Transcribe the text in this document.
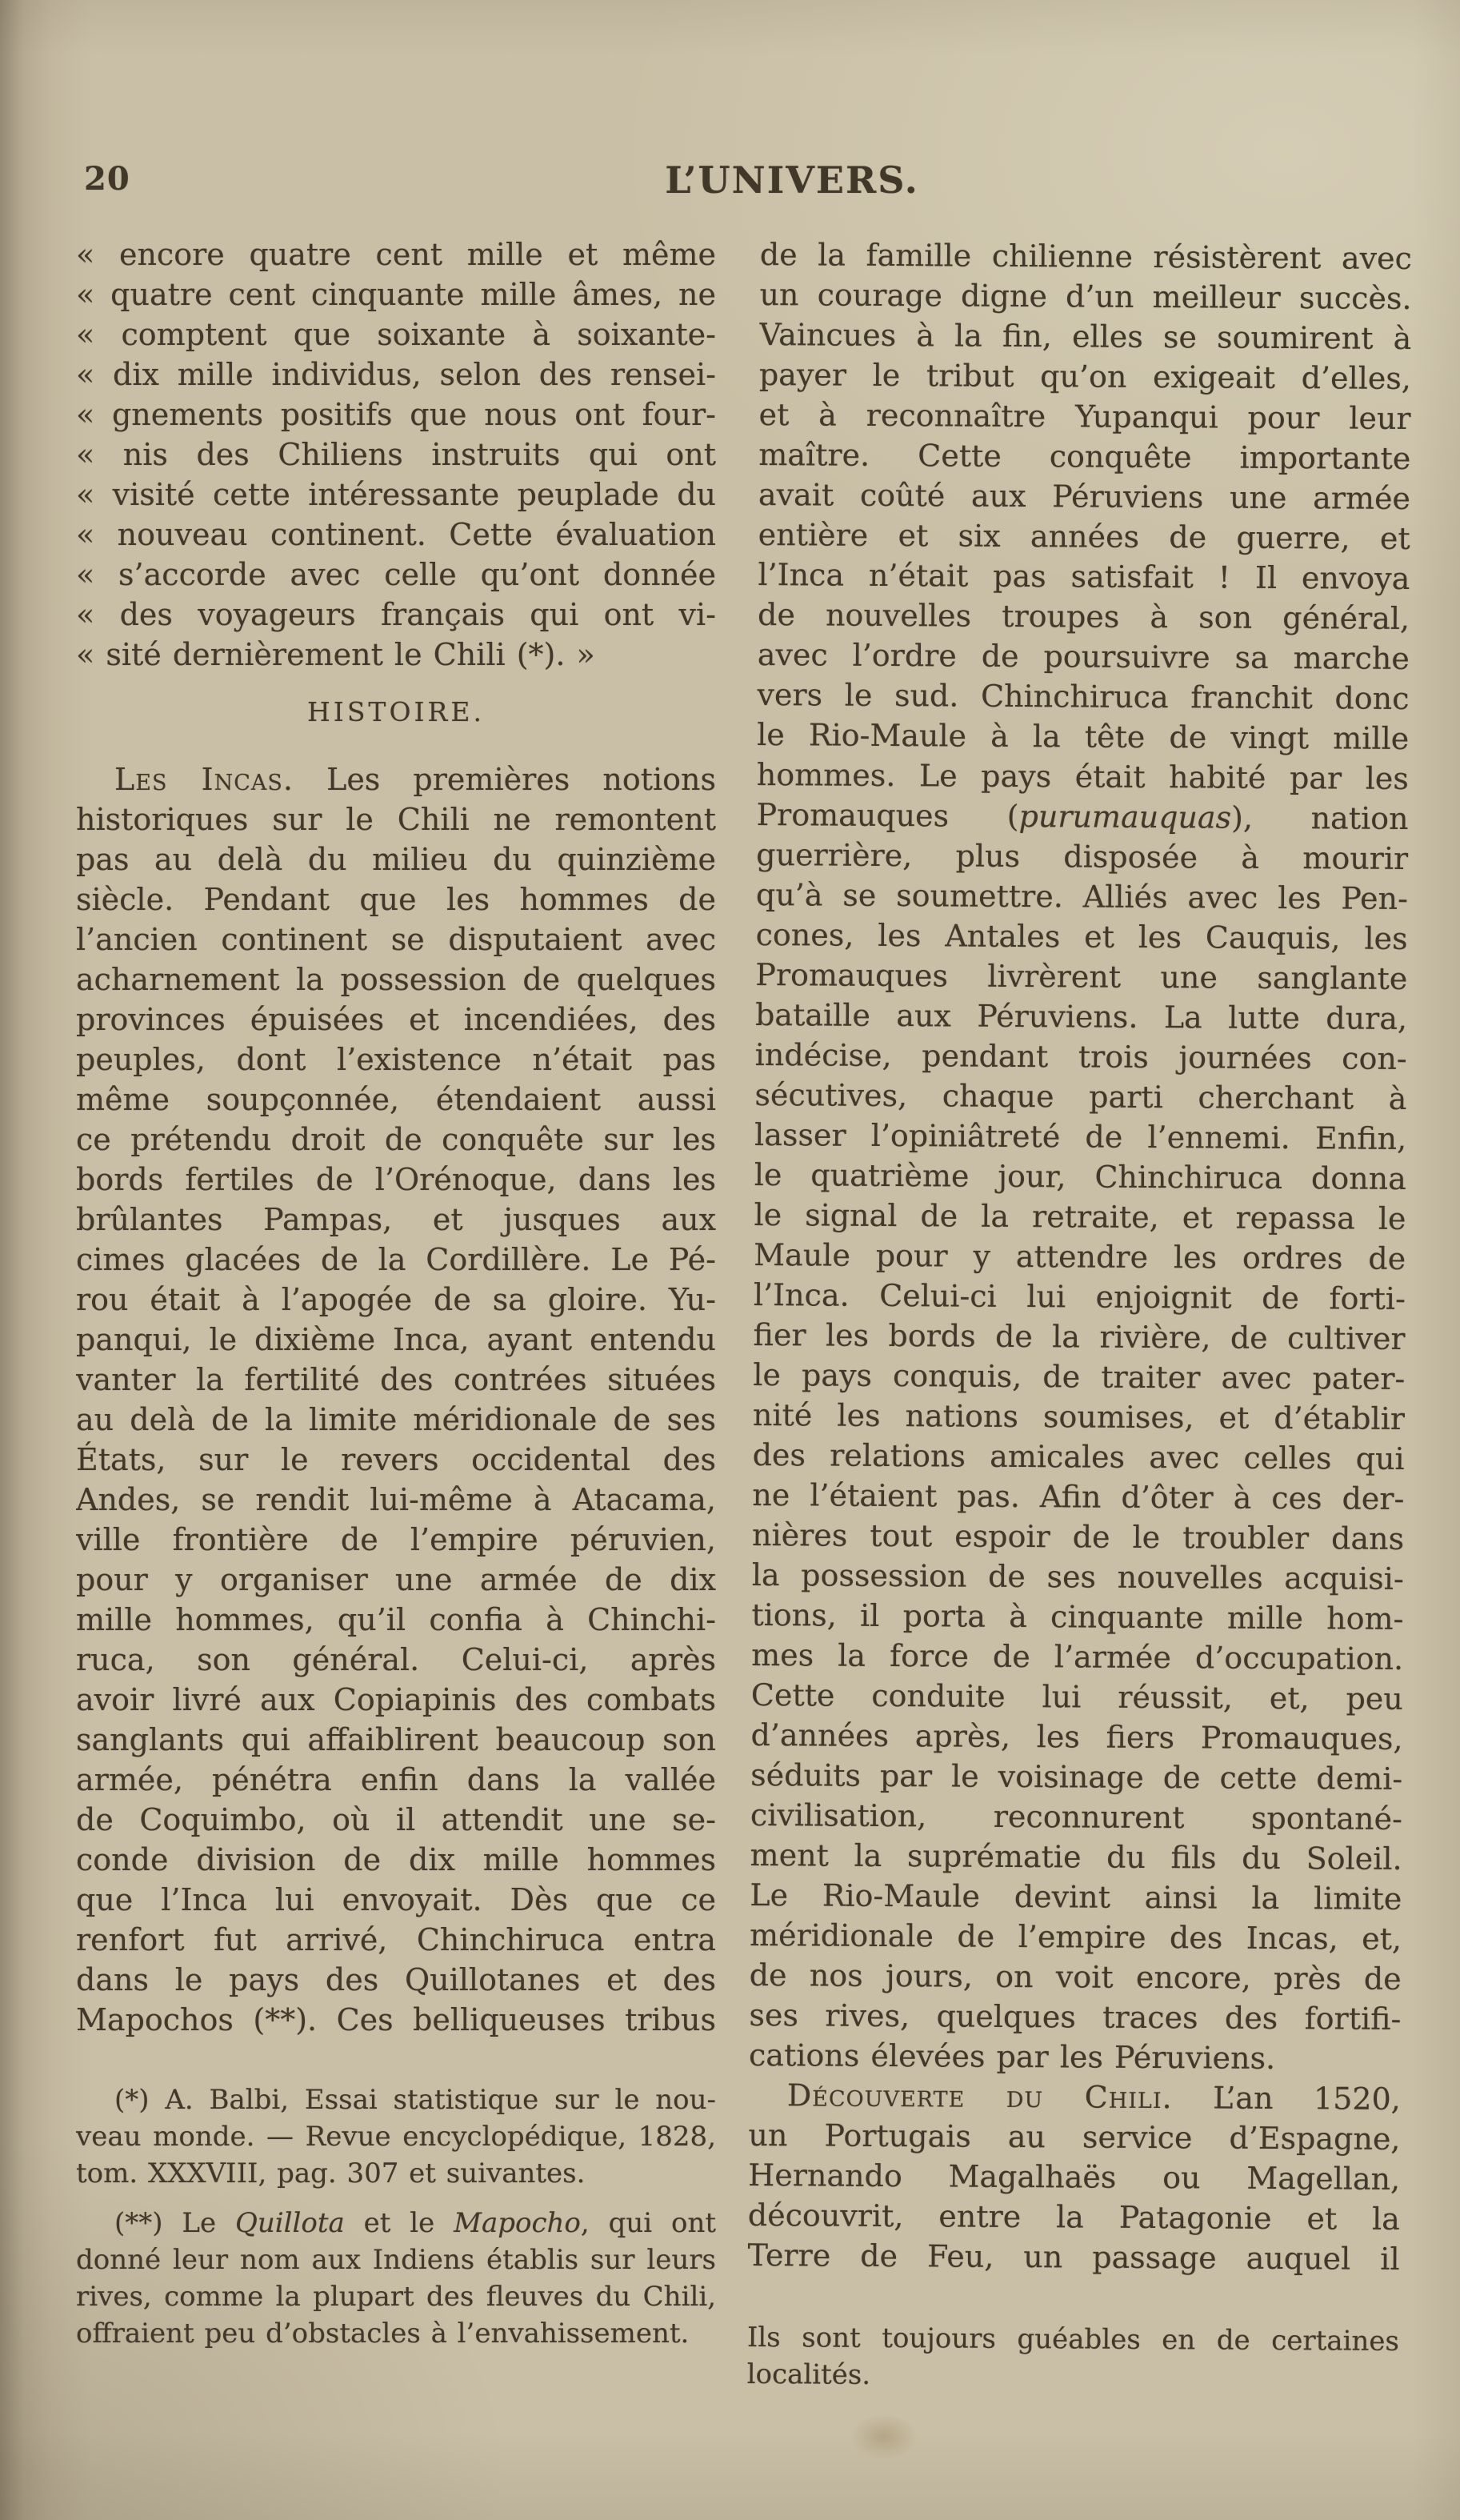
20	L’UNIVERS.
« encore quatre cent mille et même
« quatre cent cinquante mille âmes, ne
« comptent que soixante à soixante-
« dix mille individus, selon des rensei-
« gnements positifs que nous ont four-
« nis des Chiliens instruits qui ont
« visité cette intéressante peuplade du
« nouveau continent. Cette évaluation
« s’accorde avec celle qu’ont donnée
« des voyageurs français qui ont vi-
« sité dernièrement le Chili (*). »
HISTOIRE.
Les Incas. Les premières notions
historiques sur le Chili ne remontent
pas au delà du milieu du quinzième
siècle. Pendant que les hommes de
l’ancien continent se disputaient avec
acharnement la possession de quelques
provinces épuisées et incendiées, des
peuples, dont l’existence n’était pas
même soupçonnée, étendaient aussi
ce prétendu droit de conquête sur les
bords fertiles de l’Orénoque, dans les
brûlantes Pampas, et jusques aux
cimes glacées de la Cordillère. Le Pé-
rou était à l’apogée de sa gloire. Yu-
panqui, le dixième Inca, ayant entendu
vanter la fertilité des contrées situées
au delà de la limite méridionale de ses
États, sur le revers occidental des
Andes, se rendit lui-même à Atacama,
ville frontière de l’empire péruvien,
pour y organiser une armée de dix
mille hommes, qu’il confia à Chinchi-
ruca, son général. Celui-ci, après
avoir livré aux Copiapinis des combats
sanglants qui affaiblirent beaucoup son
armée, pénétra enfin dans la vallée
de Coquimbo, où il attendit une se-
conde division de dix mille hommes
que l’Inca lui envoyait. Dès que ce
renfort fut arrivé, Chinchiruca entra
dans le pays des Quillotanes et des
Mapochos (**). Ces belliqueuses tribus
(*) A. Balbi, Essai statistique sur le nou-
veau monde. — Revue encyclopédique, 1828,
tom. XXXVIII, pag. 307 et suivantes.
(**) Le Quillota et le Mapocho, qui ont
donné leur nom aux Indiens établis sur leurs
rives, comme la plupart des fleuves du Chili,
offraient peu d’obstacles à l’envahissement.
de la famille chilienne résistèrent avec
un courage digne d’un meilleur succès.
Vaincues à la fin, elles se soumirent à
payer le tribut qu’on exigeait d’elles,
et à reconnaître Yupanqui pour leur
maître. Cette conquête importante
avait coûté aux Péruviens une armée
entière et six années de guerre, et
l’Inca n’était pas satisfait ! Il envoya
de nouvelles troupes à son général,
avec l’ordre de poursuivre sa marche
vers le sud. Chinchiruca franchit donc
le Rio-Maule à la tête de vingt mille
hommes. Le pays était habité par les
Promauques (purumauquas), nation
guerrière, plus disposée à mourir
qu’à se soumettre. Alliés avec les Pen-
cones, les Antales et les Cauquis, les
Promauques livrèrent une sanglante
bataille aux Péruviens. La lutte dura,
indécise, pendant trois journées con-
sécutives, chaque parti cherchant à
lasser l’opiniâtreté de l’ennemi. Enfin,
le quatrième jour, Chinchiruca donna
le signal de la retraite, et repassa le
Maule pour y attendre les ordres de
l’Inca. Celui-ci lui enjoignit de forti-
fier les bords de la rivière, de cultiver
le pays conquis, de traiter avec pater-
nité les nations soumises, et d’établir
des relations amicales avec celles qui
ne l’étaient pas. Afin d’ôter à ces der-
nières tout espoir de le troubler dans
la possession de ses nouvelles acquisi-
tions, il porta à cinquante mille hom-
mes la force de l’armée d’occupation.
Cette conduite lui réussit, et, peu
d’années après, les fiers Promauques,
séduits par le voisinage de cette demi-
civilisation, reconnurent spontané-
ment la suprématie du fils du Soleil.
Le Rio-Maule devint ainsi la limite
méridionale de l’empire des Incas, et,
de nos jours, on voit encore, près de
ses rives, quelques traces des fortifi-
cations élevées par les Péruviens.
Découverte du Chili. L’an 1520,
un Portugais au service d’Espagne,
Hernando Magalhaës ou Magellan,
découvrit, entre la Patagonie et la
Terre de Feu, un passage auquel il
Ils sont toujours guéables en de certaines
localités.
